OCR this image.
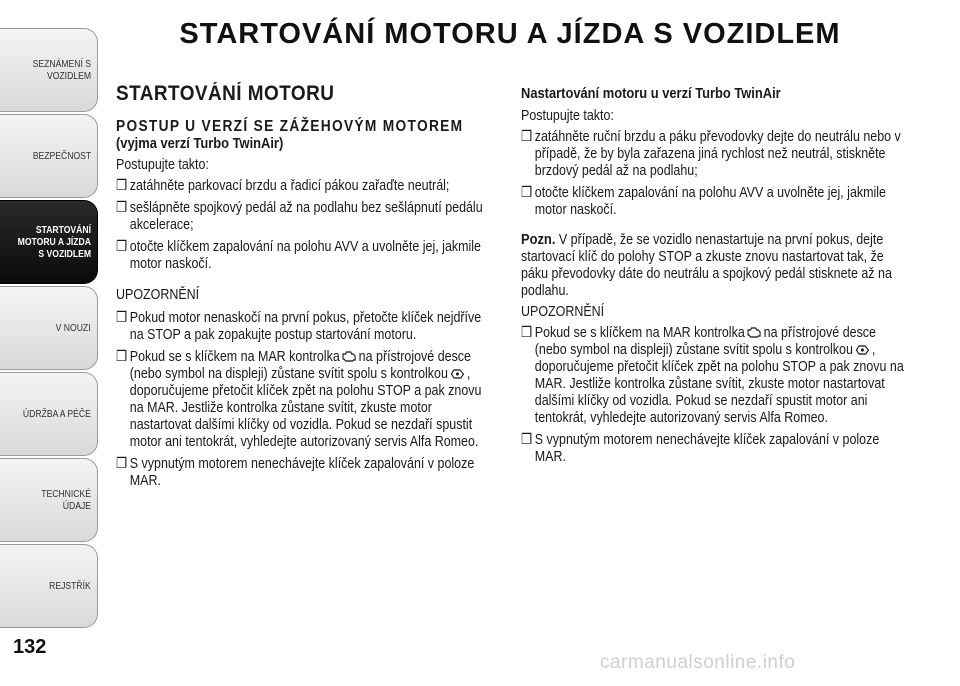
SEZNÁMENÍ S VOZIDLEM
BEZPEČNOST
STARTOVÁNÍ MOTORU A JÍZDA S VOZIDLEM
V NOUZI
ÚDRŽBA A PÉČE
TECHNICKÉ ÚDAJE
REJSTŘÍK
132
STARTOVÁNÍ MOTORU A JÍZDA S VOZIDLEM
STARTOVÁNÍ MOTORU
POSTUP U VERZÍ SE ZÁŽEHOVÝM MOTOREM
(vyjma verzí Turbo TwinAir)

Postupujte takto:

❒ zatáhněte parkovací brzdu a řadicí pákou zařaďte neutrál;
❒ sešlápněte spojkový pedál až na podlahu bez sešlápnutí pedálu akcelerace;
❒ otočte klíčkem zapalování na polohu AVV a uvolněte jej, jakmile motor naskočí.

UPOZORNĚNÍ

❒ Pokud motor nenaskočí na první pokus, přetočte klíček nejdříve na STOP a pak zopakujte postup startování motoru.
❒ Pokud se s klíčkem na MAR kontrolka na přístrojové desce (nebo symbol na displeji) zůstane svítit spolu s kontrolkou , doporučujeme přetočit klíček zpět na polohu STOP a pak znovu na MAR. Jestliže kontrolka zůstane svítit, zkuste motor nastartovat dalšími klíčky od vozidla. Pokud se nezdaří spustit motor ani tentokrát, vyhledejte autorizovaný servis Alfa Romeo.
❒ S vypnutým motorem nenechávejte klíček zapalování v poloze MAR.
Nastartování motoru u verzí Turbo TwinAir

Postupujte takto:

❒ zatáhněte ruční brzdu a páku převodovky dejte do neutrálu nebo v případě, že by byla zařazena jiná rychlost než neutrál, stiskněte brzdový pedál až na podlahu;
❒ otočte klíčkem zapalování na polohu AVV a uvolněte jej, jakmile motor naskočí.

Pozn. V případě, že se vozidlo nenastartuje na první pokus, dejte startovací klíč do polohy STOP a zkuste znovu nastartovat tak, že páku převodovky dáte do neutrálu a spojkový pedál stisknete až na podlahu.

UPOZORNĚNÍ

❒ Pokud se s klíčkem na MAR kontrolka na přístrojové desce (nebo symbol na displeji) zůstane svítit spolu s kontrolkou , doporučujeme přetočit klíček zpět na polohu STOP a pak znovu na MAR. Jestliže kontrolka zůstane svítit, zkuste motor nastartovat dalšími klíčky od vozidla. Pokud se nezdaří spustit motor ani tentokrát, vyhledejte autorizovaný servis Alfa Romeo.
❒ S vypnutým motorem nenechávejte klíček zapalování v poloze MAR.
carmanualsonline.info
